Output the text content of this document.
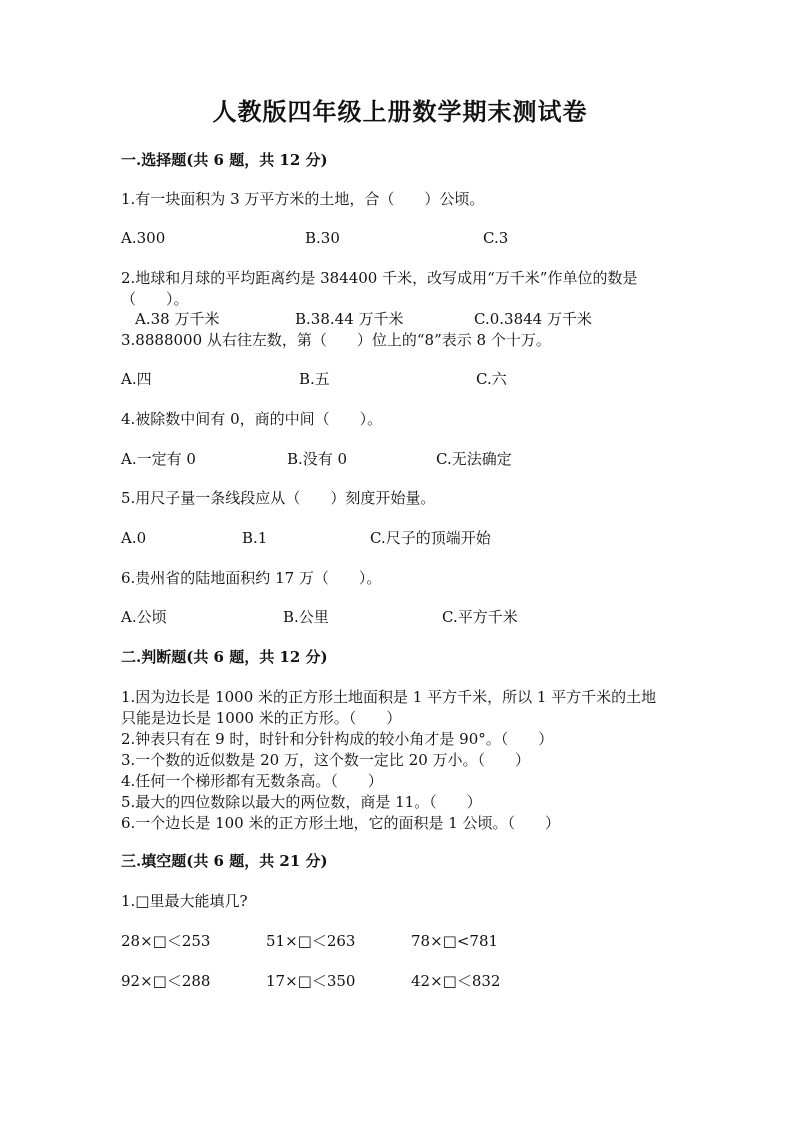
人教版四年级上册数学期末测试卷
一.选择题(共 6 题，共 12 分)
1.有一块面积为 3 万平方米的土地，合（　　）公顷。
A.300	B.30	C.3
2.地球和月球的平均距离约是 384400 千米，改写成用“万千米”作单位的数是
（　　）。
A.38 万千米	B.38.44 万千米	C.0.3844 万千米
3.8888000 从右往左数，第（　　）位上的“8”表示 8 个十万。
A.四	B.五	C.六
4.被除数中间有 0，商的中间（　　）。
A.一定有 0	B.没有 0	C.无法确定
5.用尺子量一条线段应从（　　）刻度开始量。
A.0	B.1	C.尺子的顶端开始
6.贵州省的陆地面积约 17 万（　　）。
A.公顷	B.公里	C.平方千米
二.判断题(共 6 题，共 12 分)
1.因为边长是 1000 米的正方形土地面积是 1 平方千米，所以 1 平方千米的土地
只能是边长是 1000 米的正方形。（　　）
2.钟表只有在 9 时，时针和分针构成的较小角才是 90°。（　　）
3.一个数的近似数是 20 万，这个数一定比 20 万小。（　　）
4.任何一个梯形都有无数条高。（　　）
5.最大的四位数除以最大的两位数，商是 11。（　　）
6.一个边长是 100 米的正方形土地，它的面积是 1 公顷。（　　）
三.填空题(共 6 题，共 21 分)
1.□里最大能填几?
28×□＜253	51×□＜263	78×□<781
92×□＜288	17×□＜350	42×□＜832
